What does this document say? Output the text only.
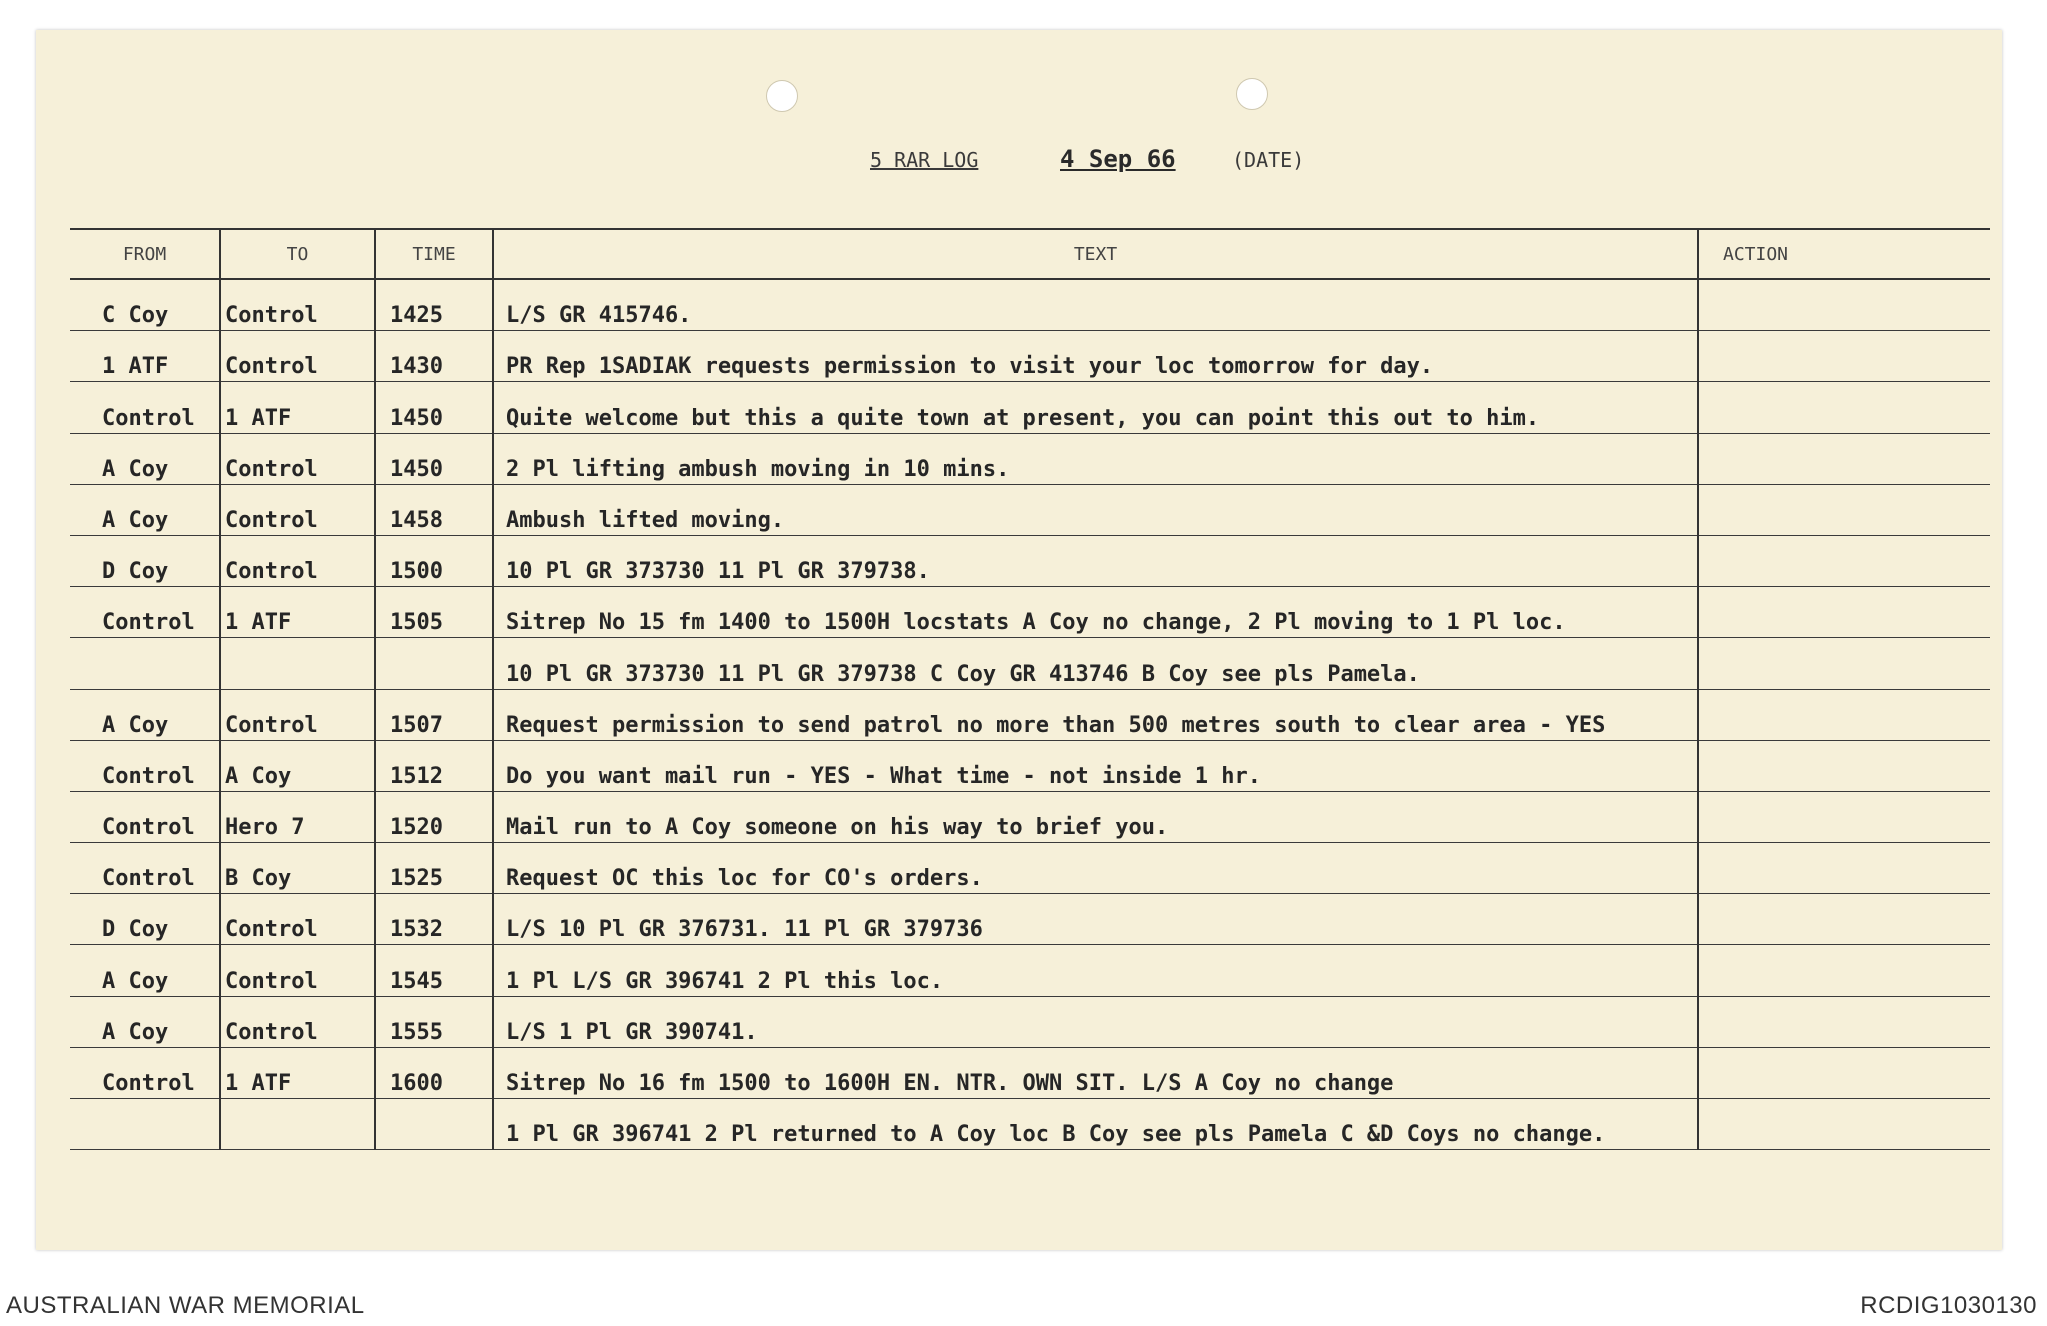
5 RAR LOG	4 Sep 66	(DATE)
FROM	TO	TIME	TEXT	ACTION
C Coy	Control	1425	L/S GR 415746.	
1 ATF	Control	1430	PR Rep 1SADIAK requests permission to visit your loc tomorrow for day.	
Control	1 ATF	1450	Quite welcome but this a quite town at present, you can point this out to him.	
A Coy	Control	1450	2 Pl lifting ambush moving in 10 mins.	
A Coy	Control	1458	Ambush lifted moving.	
D Coy	Control	1500	10 Pl GR 373730 11 Pl GR 379738.	
Control	1 ATF	1505	Sitrep No 15 fm 1400 to 1500H locstats A Coy no change, 2 Pl moving to 1 Pl loc.	
			10 Pl GR 373730 11 Pl GR 379738 C Coy GR 413746 B Coy see pls Pamela.	
A Coy	Control	1507	Request permission to send patrol no more than 500 metres south to clear area - YES	
Control	A Coy	1512	Do you want mail run - YES - What time - not inside 1 hr.	
Control	Hero 7	1520	Mail run to A Coy someone on his way to brief you.	
Control	B Coy	1525	Request OC this loc for CO's orders.	
D Coy	Control	1532	L/S 10 Pl GR 376731. 11 Pl GR 379736	
A Coy	Control	1545	1 Pl L/S GR 396741 2 Pl this loc.	
A Coy	Control	1555	L/S 1 Pl GR 390741.	
Control	1 ATF	1600	Sitrep No 16 fm 1500 to 1600H EN. NTR. OWN SIT. L/S A Coy no change	
			1 Pl GR 396741 2 Pl returned to A Coy loc B Coy see pls Pamela C &D Coys no change.	
AUSTRALIAN WAR MEMORIAL	RCDIG1030130
